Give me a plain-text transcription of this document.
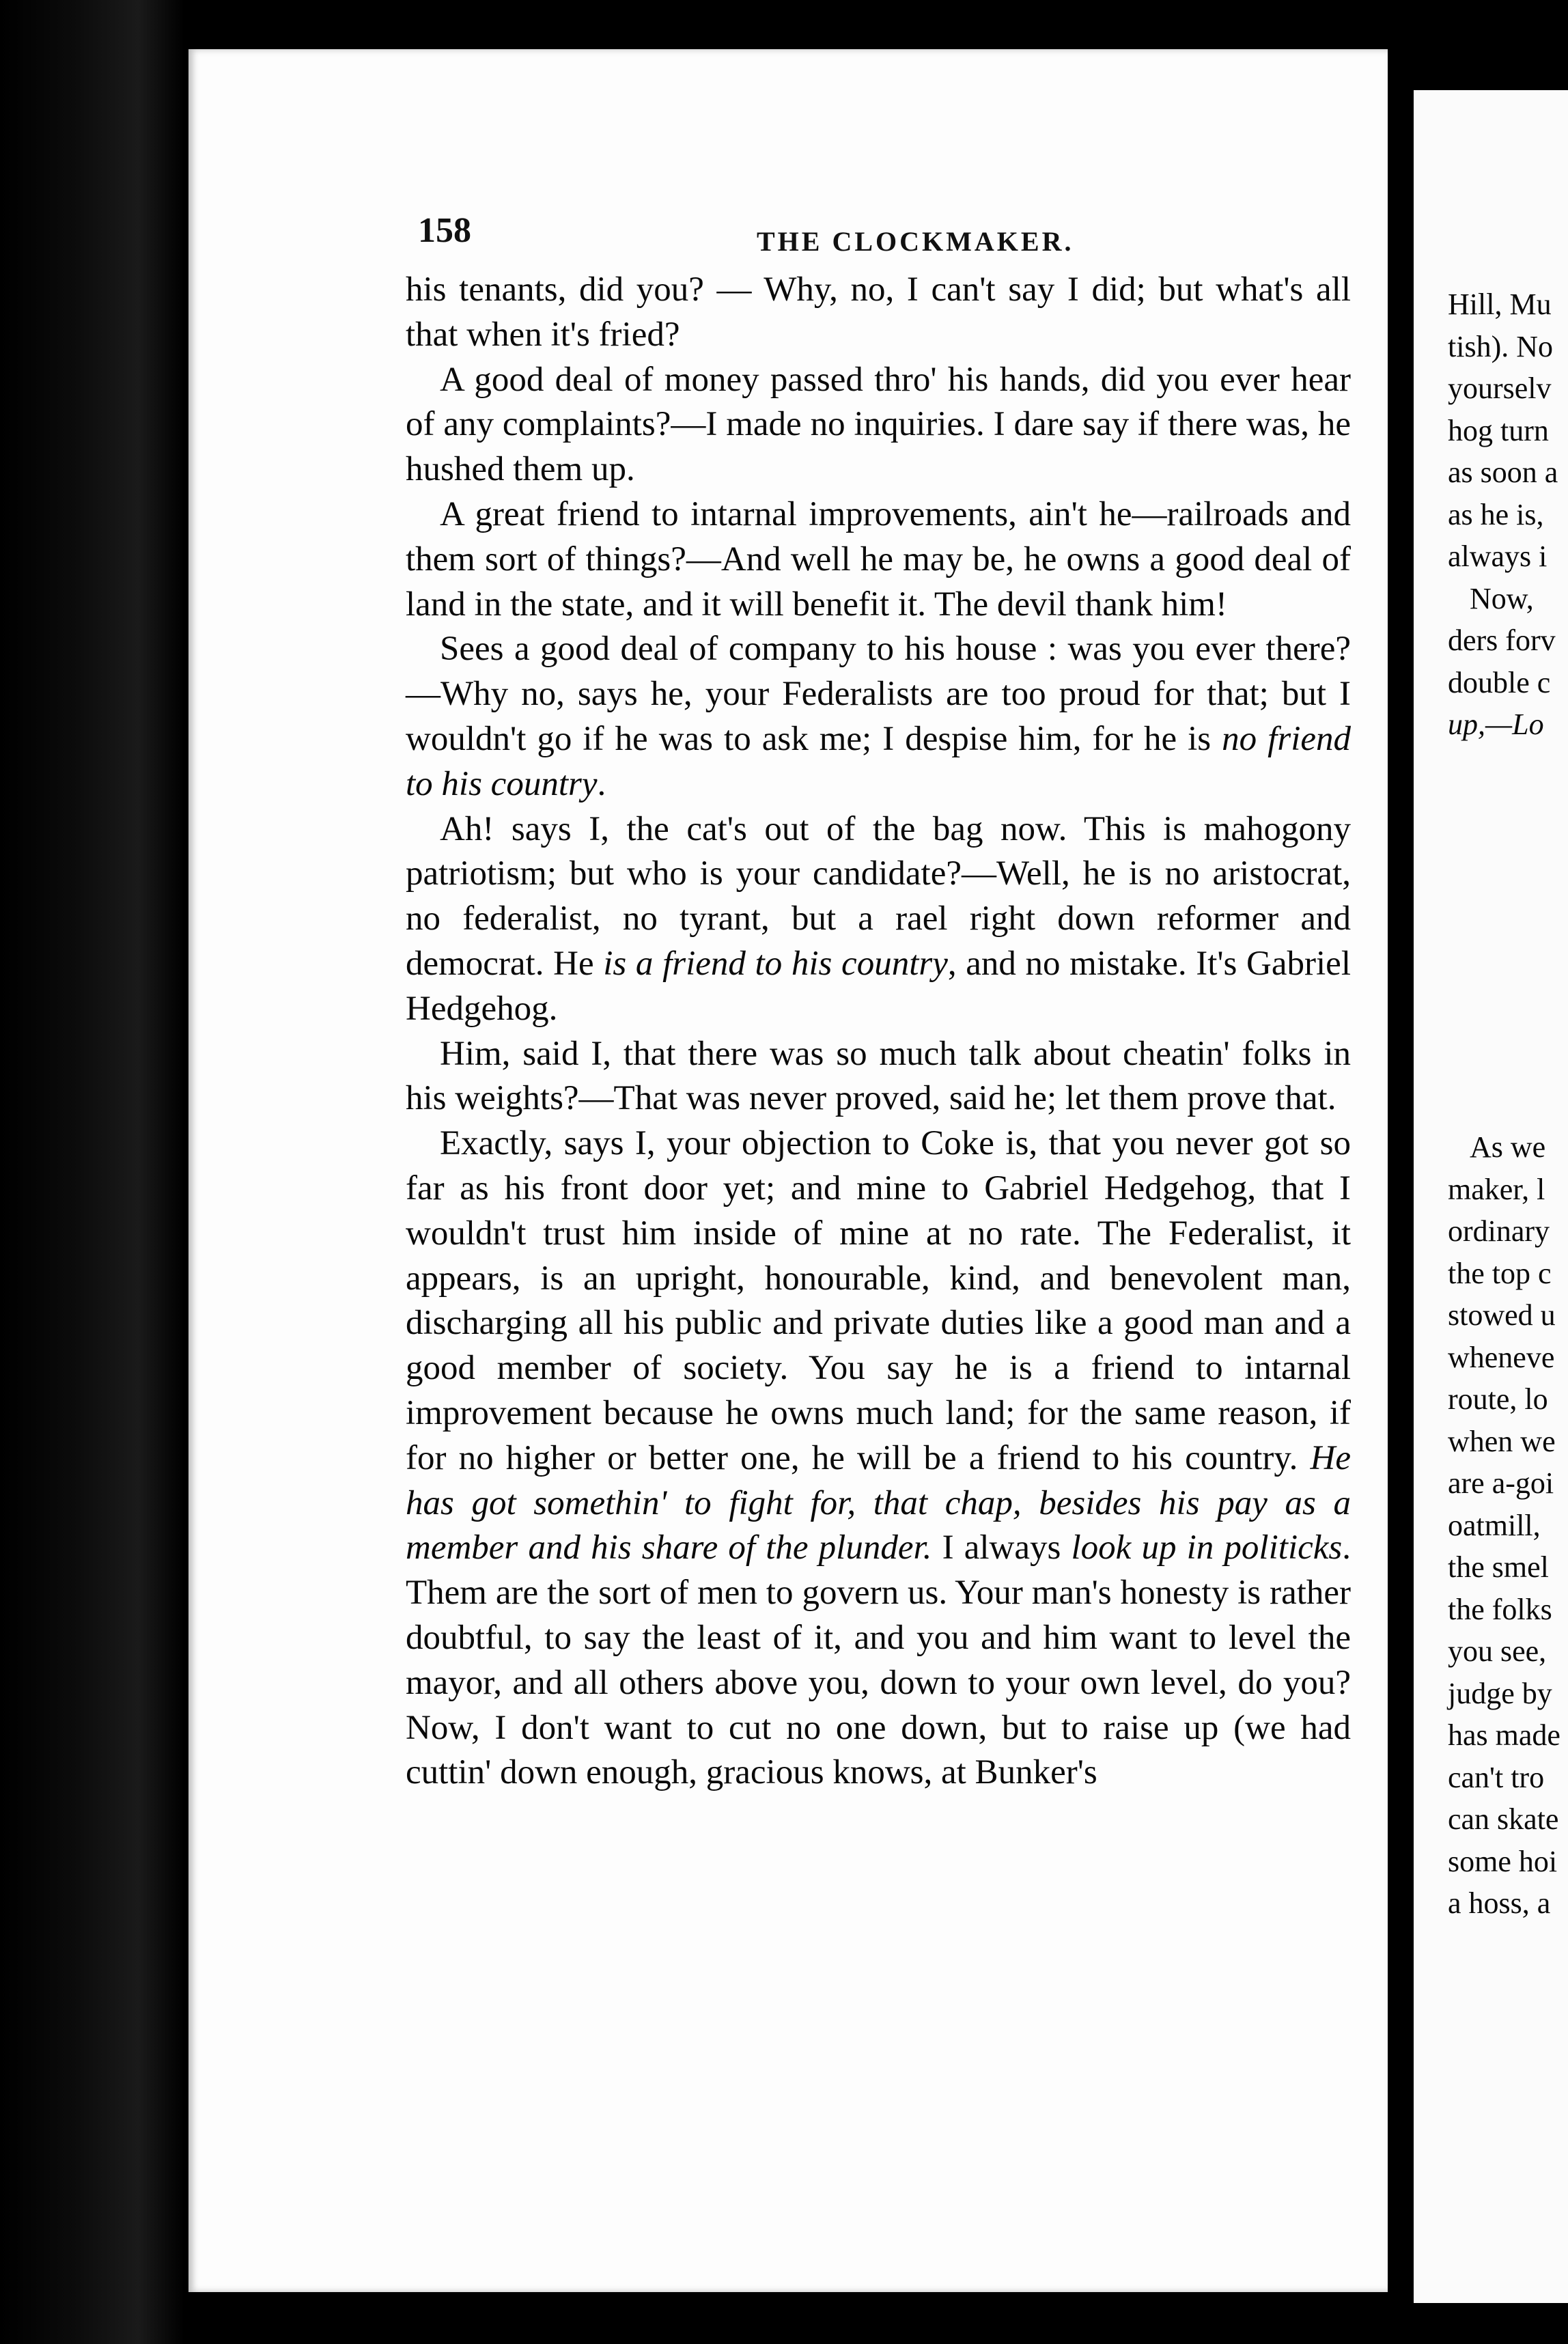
158	THE CLOCKMAKER.

his tenants, did you? — Why, no, I can't say I did; but what's all that when it's fried?

A good deal of money passed thro' his hands, did you ever hear of any complaints?—I made no inquiries. I dare say if there was, he hushed them up.

A great friend to intarnal improvements, ain't he—railroads and them sort of things?—And well he may be, he owns a good deal of land in the state, and it will benefit it. The devil thank him!

Sees a good deal of company to his house : was you ever there?—Why no, says he, your Federalists are too proud for that; but I wouldn't go if he was to ask me; I despise him, for he is no friend to his country.

Ah! says I, the cat's out of the bag now. This is mahogony patriotism; but who is your candidate?—Well, he is no aristocrat, no federalist, no tyrant, but a rael right down reformer and democrat. He is a friend to his country, and no mistake. It's Gabriel Hedgehog.

Him, said I, that there was so much talk about cheatin' folks in his weights?—That was never proved, said he; let them prove that.

Exactly, says I, your objection to Coke is, that you never got so far as his front door yet; and mine to Gabriel Hedgehog, that I wouldn't trust him inside of mine at no rate. The Federalist, it appears, is an upright, honourable, kind, and benevolent man, discharging all his public and private duties like a good man and a good member of society. You say he is a friend to intarnal improvement because he owns much land; for the same reason, if for no higher or better one, he will be a friend to his country. He has got somethin' to fight for, that chap, besides his pay as a member and his share of the plunder. I always look up in politicks. Them are the sort of men to govern us. Your man's honesty is rather doubtful, to say the least of it, and you and him want to level the mayor, and all others above you, down to your own level, do you? Now, I don't want to cut no one down, but to raise up (we had cuttin' down enough, gracious knows, at Bunker's

Hill, Mu
tish). No
yourselv
hog turn
as soon a
as he is,
always i
Now,
ders forv
double c
up,—Lo
As we
maker, l
ordinary
the top c
stowed u
wheneve
route, lo
when we
are a-goi
oatmill,
the smel
the folks
you see,
judge by
has made
can't tro
can skate
some hoi
a hoss, a
